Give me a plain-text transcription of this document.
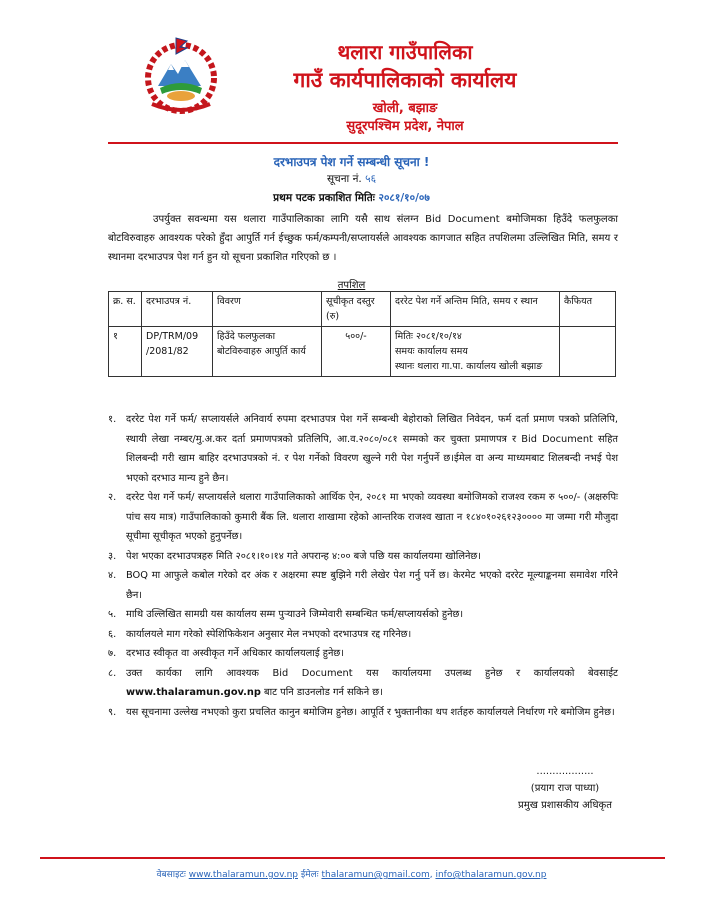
थलारा गाउँपालिका
गाउँ कार्यपालिकाको कार्यालय
खोली, बझाङ
सुदूरपश्चिम प्रदेश, नेपाल
दरभाउपत्र पेश गर्ने सम्बन्धी सूचना !
सूचना नं. ५६
प्रथम पटक प्रकाशित मितिः २०८१/१०/०७

उपर्युक्त सवन्धमा यस थलारा गाउँपालिकाका लागि यसै साथ संलग्न Bid Document बमोजिमका हिउँदे फलफुलका बोटविरुवाहरु आवश्यक परेको हुँदा आपुर्ति गर्न ईच्छुक फर्म/कम्पनी/सप्लायर्सले आवश्यक कागजात सहित तपशिलमा उल्लिखित मिति, समय र स्थानमा दरभाउपत्र पेश गर्न हुन यो सूचना प्रकाशित गरिएको छ ।

तपशिल
क्र. स.	दरभाउपत्र नं.	विवरण	सूचीकृत दस्तुर (रु)	दररेट पेश गर्ने अन्तिम मिति, समय र स्थान	कैफियत
१	DP/TRM/09 /2081/82	हिउँदे फलफुलका बोटविरुवाहरु आपुर्ति कार्य	५००/-	मितिः २०८१/१०/१४
समयः कार्यालय समय
स्थानः थलारा गा.पा. कार्यालय खोली बझाङ	

१. दररेट पेश गर्ने फर्म/ सप्लायर्सले अनिवार्य रुपमा दरभाउपत्र पेश गर्ने सम्बन्धी बेहोराको लिखित निवेदन, फर्म दर्ता प्रमाण पत्रको प्रतिलिपि, स्थायी लेखा नम्बर/मु.अ.कर दर्ता प्रमाणपत्रको प्रतिलिपि, आ.व.२०८०/०८१ सम्मको कर चुक्ता प्रमाणपत्र र Bid Document सहित शिलबन्दी गरी खाम बाहिर दरभाउपत्रको नं. र पेश गर्नेको विवरण खुल्ने गरी पेश गर्नुपर्ने छ।ईमेल वा अन्य माध्यमबाट शिलबन्दी नभई पेश भएको दरभाउ मान्य हुने छैन।
२. दररेट पेश गर्ने फर्म/ सप्लायर्सले थलारा गाउँपालिकाको आर्थिक ऐन, २०८१ मा भएको व्यवस्था बमोजिमको राजश्व रकम रु ५००/- (अक्षरुपिः पांच सय मात्र) गाउँपालिकाको कुमारी बैंक लि. थलारा शाखामा रहेको आन्तरिक राजश्व खाता न १८४०१०२६१२३०००० मा जम्मा गरी मौजुदा सूचीमा सूचीकृत भएको हुनुपर्नेछ।
३. पेश भएका दरभाउपत्रहरु मिति २०८१।१०।१४ गते अपरान्ह ४:०० बजे पछि यस कार्यालयमा खोलिनेछ।
४. BOQ मा आफुले कबोल गरेको दर अंक र अक्षरमा स्पष्ट बुझिने गरी लेखेर पेश गर्नु पर्ने छ। केरमेट भएको दररेट मूल्याङ्कनमा समावेश गरिने छैन।
५. माथि उल्लिखित सामग्री यस कार्यालय सम्म पुर्‍याउने जिम्मेवारी सम्बन्धित फर्म/सप्लायर्सको हुनेछ।
६. कार्यालयले माग गरेको स्पेशिफिकेशन अनुसार मेल नभएको दरभाउपत्र रद्द गरिनेछ।
७. दरभाउ स्वीकृत वा अस्वीकृत गर्ने अधिकार कार्यालयलाई हुनेछ।
८. उक्त कार्यका लागि आवश्यक Bid Document यस कार्यालयमा उपलब्ध हुनेछ र कार्यालयको बेवसाईट www.thalaramun.gov.np बाट पनि डाउनलोड गर्न सकिने छ।
९. यस सूचनामा उल्लेख नभएको कुरा प्रचलित कानुन बमोजिम हुनेछ। आपूर्ति र भुक्तानीका थप शर्तहरु कार्यालयले निर्धारण गरे बमोजिम हुनेछ।
..................
(प्रयाग राज पाध्या)
प्रमुख प्रशासकीय अधिकृत
वेबसाइटः www.thalaramun.gov.np ईमेलः thalaramun@gmail.com, info@thalaramun.gov.np
